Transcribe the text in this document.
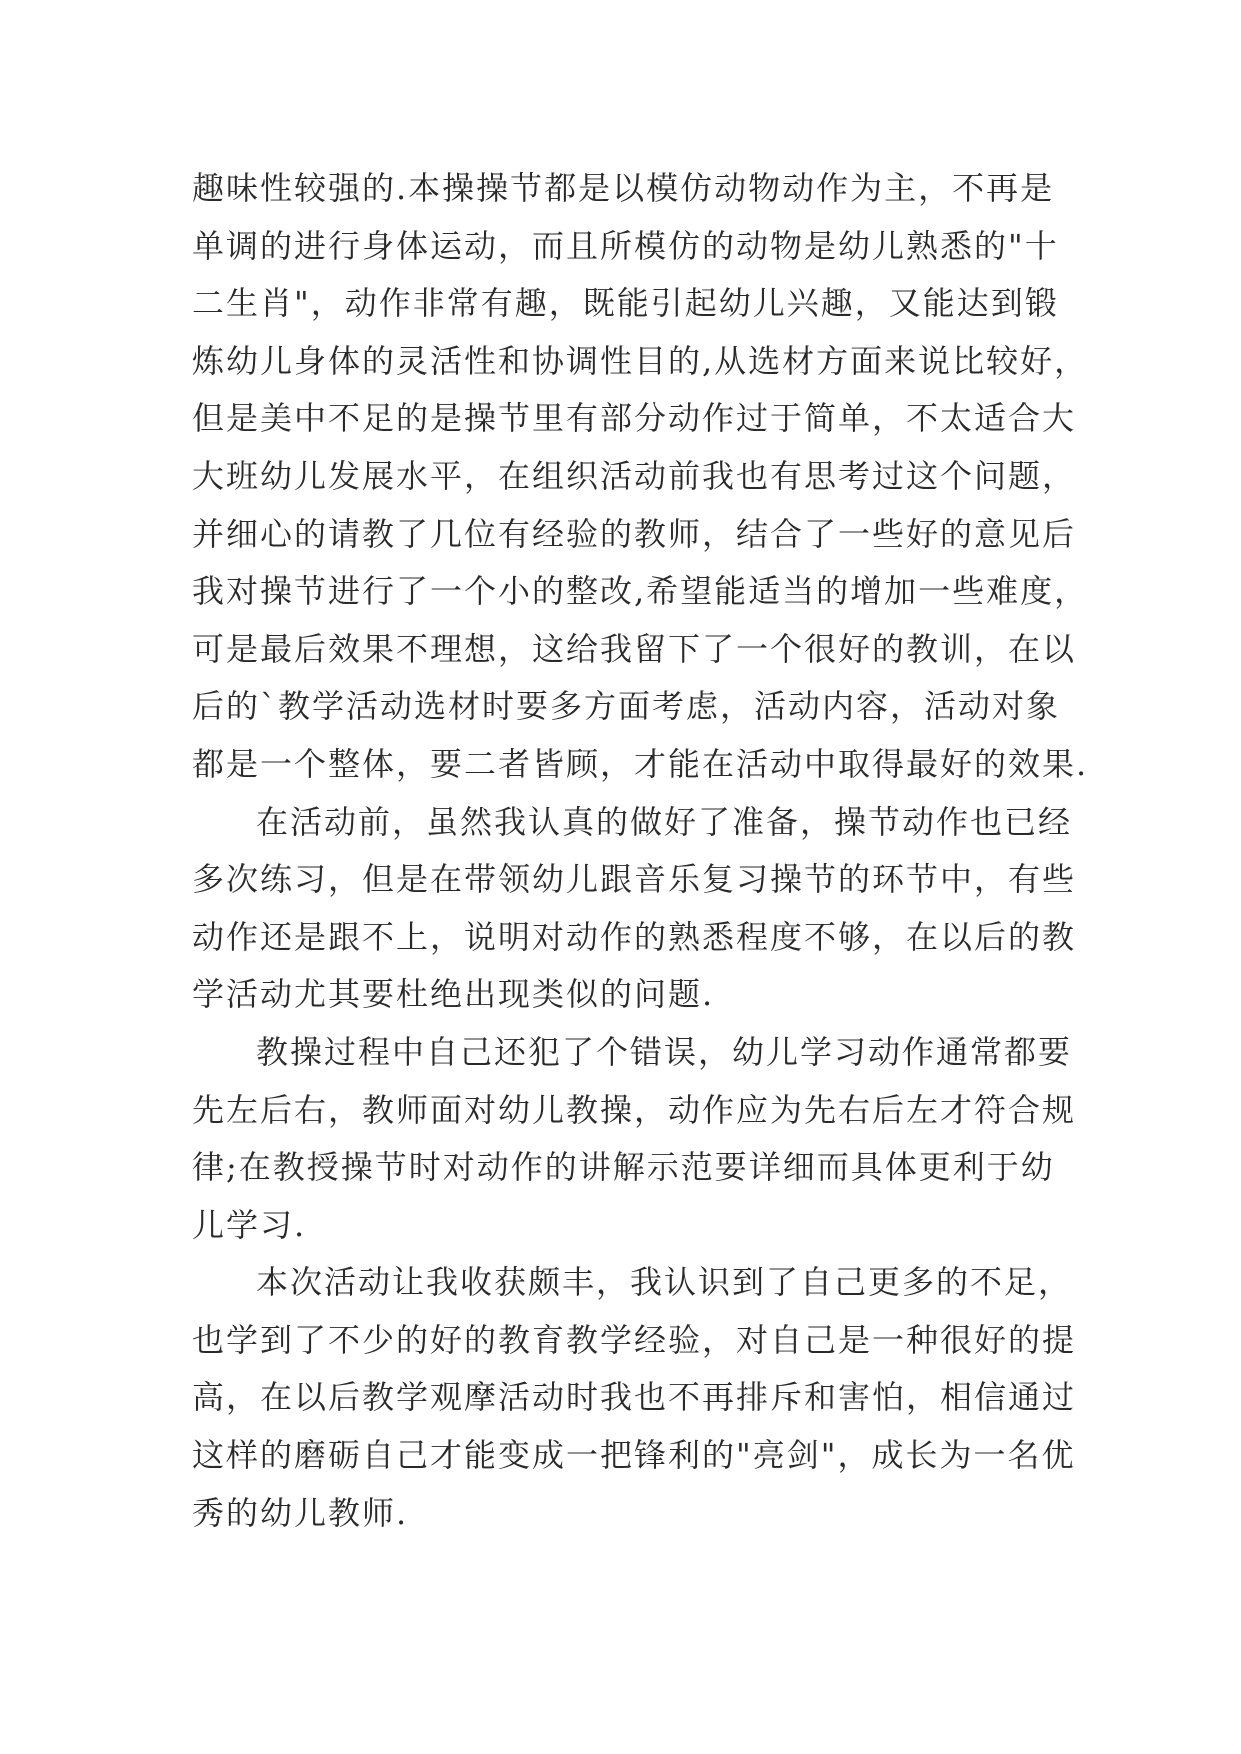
趣味性较强的.本操操节都是以模仿动物动作为主，不再是
单调的进行身体运动，而且所模仿的动物是幼儿熟悉的"十
二生肖"，动作非常有趣，既能引起幼儿兴趣，又能达到锻
炼幼儿身体的灵活性和协调性目的,从选材方面来说比较好，
但是美中不足的是操节里有部分动作过于简单，不太适合大
大班幼儿发展水平，在组织活动前我也有思考过这个问题，
并细心的请教了几位有经验的教师，结合了一些好的意见后
我对操节进行了一个小的整改,希望能适当的增加一些难度，
可是最后效果不理想，这给我留下了一个很好的教训，在以
后的`教学活动选材时要多方面考虑，活动内容，活动对象
都是一个整体，要二者皆顾，才能在活动中取得最好的效果.
在活动前，虽然我认真的做好了准备，操节动作也已经
多次练习，但是在带领幼儿跟音乐复习操节的环节中，有些
动作还是跟不上，说明对动作的熟悉程度不够，在以后的教
学活动尤其要杜绝出现类似的问题.
教操过程中自己还犯了个错误，幼儿学习动作通常都要
先左后右，教师面对幼儿教操，动作应为先右后左才符合规
律;在教授操节时对动作的讲解示范要详细而具体更利于幼
儿学习.
本次活动让我收获颇丰，我认识到了自己更多的不足，
也学到了不少的好的教育教学经验，对自己是一种很好的提
高，在以后教学观摩活动时我也不再排斥和害怕，相信通过
这样的磨砺自己才能变成一把锋利的"亮剑"，成长为一名优
秀的幼儿教师.
